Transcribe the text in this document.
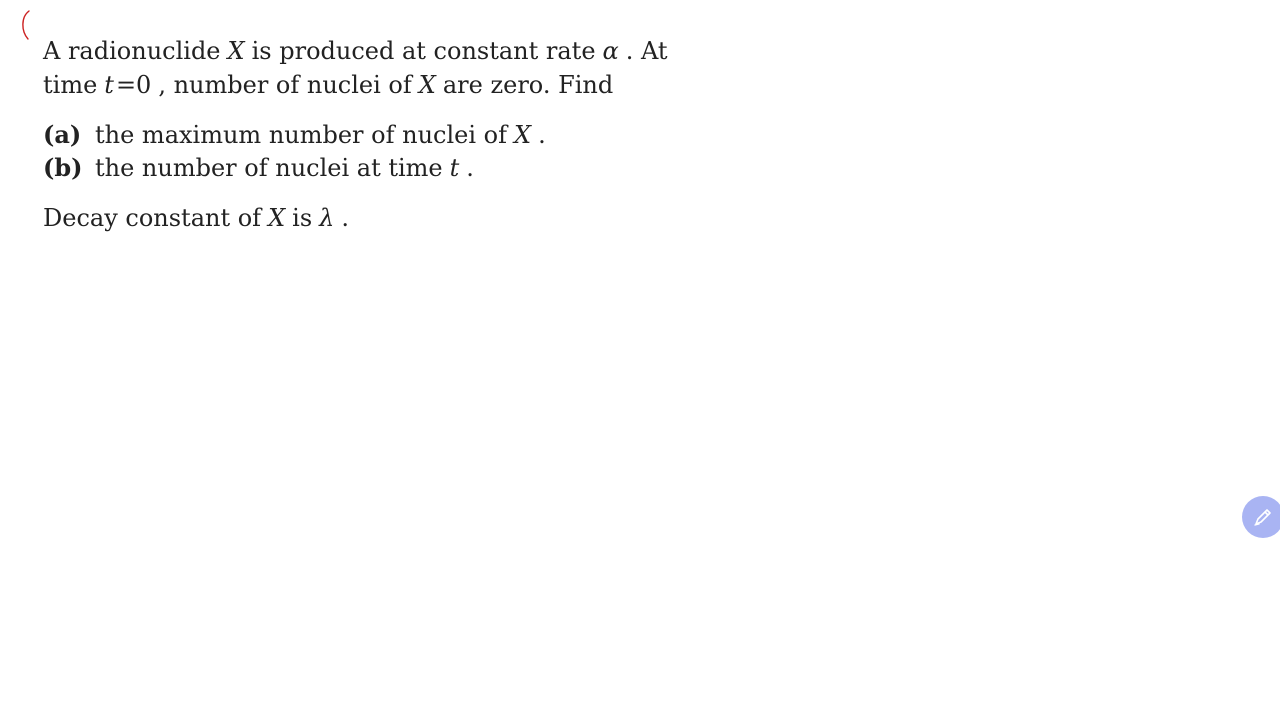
A radionuclide X is produced at constant rate α . At
time t=0 , number of nuclei of X are zero. Find
(a) the maximum number of nuclei of X .
(b) the number of nuclei at time t .
Decay constant of X is λ .
